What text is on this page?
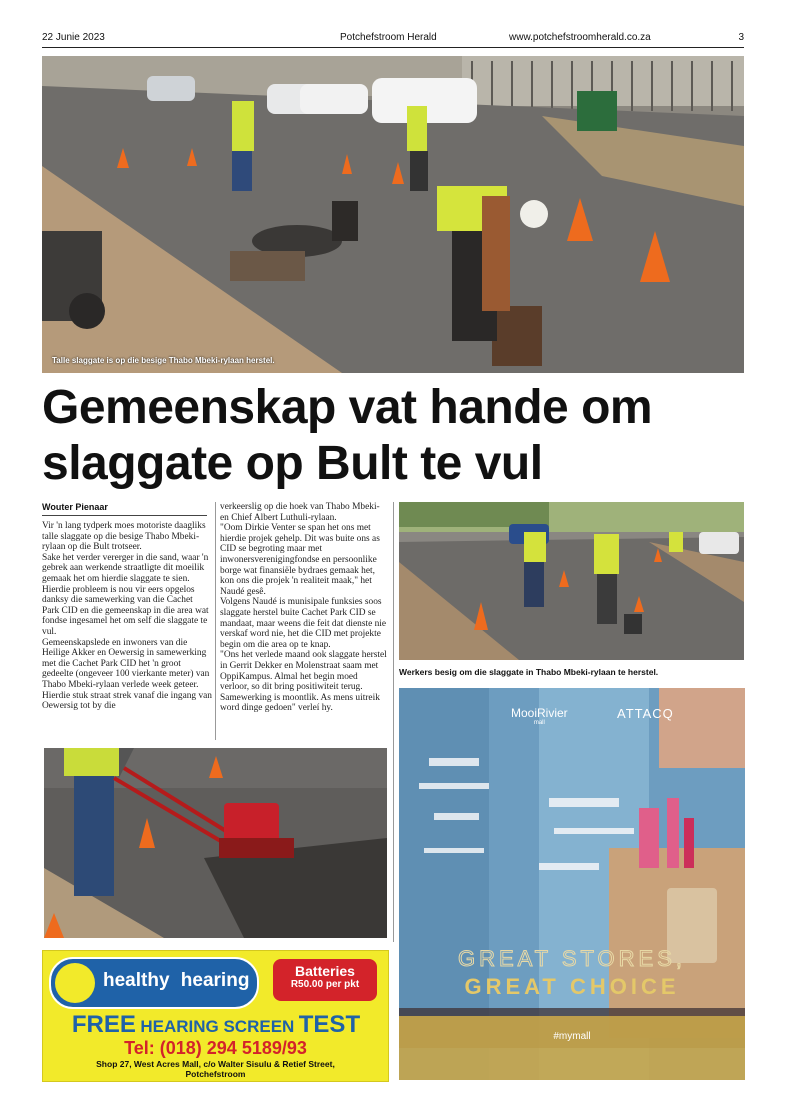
22 Junie 2023	Potchefstroom Herald	www.potchefstroomherald.co.za	3
Talle slaggate is op die besige Thabo Mbeki-rylaan herstel.
Gemeenskap vat hande om
slaggate op Bult te vul
Wouter Pienaar

Vir 'n lang tydperk moes motoriste daagliks talle slaggate op die besige Thabo Mbeki-rylaan op die Bult trotseer.

Sake het verder vererger in die sand, waar 'n gebrek aan werkende straatligte dit moeilik gemaak het om hierdie slaggate te sien.

Hierdie probleem is nou vir eers opgelos danksy die samewerking van die Cachet Park CID en die gemeenskap in die area wat fondse ingesamel het om self die slaggate te vul.

Gemeenskapslede en inwoners van die Heilige Akker en Oewersig in samewerking met die Cachet Park CID het 'n groot gedeelte (ongeveer 100 vierkante meter) van Thabo Mbeki-rylaan verlede week geteer.

Hierdie stuk straat strek vanaf die ingang van Oewersig tot by die

verkeerslig op die hoek van Thabo Mbeki- en Chief Albert Luthuli-rylaan.

"Oom Dirkie Venter se span het ons met hierdie projek gehelp. Dit was buite ons as CID se begroting maar met inwonersverenigingfondse en persoonlike borge wat finansiële bydraes gemaak het, kon ons die projek 'n realiteit maak," het Naudé gesê.

Volgens Naudé is munisipale funksies soos slaggate herstel buite Cachet Park CID se mandaat, maar weens die feit dat dienste nie verskaf word nie, het die CID met projekte begin om die area op te knap.

"Ons het verlede maand ook slaggate herstel in Gerrit Dekker en Molenstraat saam met OppiKampus. Almal het begin moed verloor, so dit bring positiwiteit terug. Samewerking is moontlik. As mens uitreik word dinge gedoen" verleí hy.

Werkers besig om die slaggate in Thabo Mbeki-rylaan te herstel.
healthy hearing	Batteries
R50.00 per pkt
FREE HEARING SCREEN TEST
Tel: (018) 294 5189/93
Shop 27, West Acres Mall, c/o Walter Sisulu & Retief Street,
Potchefstroom
MooiRivier
mall
ATTACQ
GREAT STORES,
GREAT CHOICE
#mymall
